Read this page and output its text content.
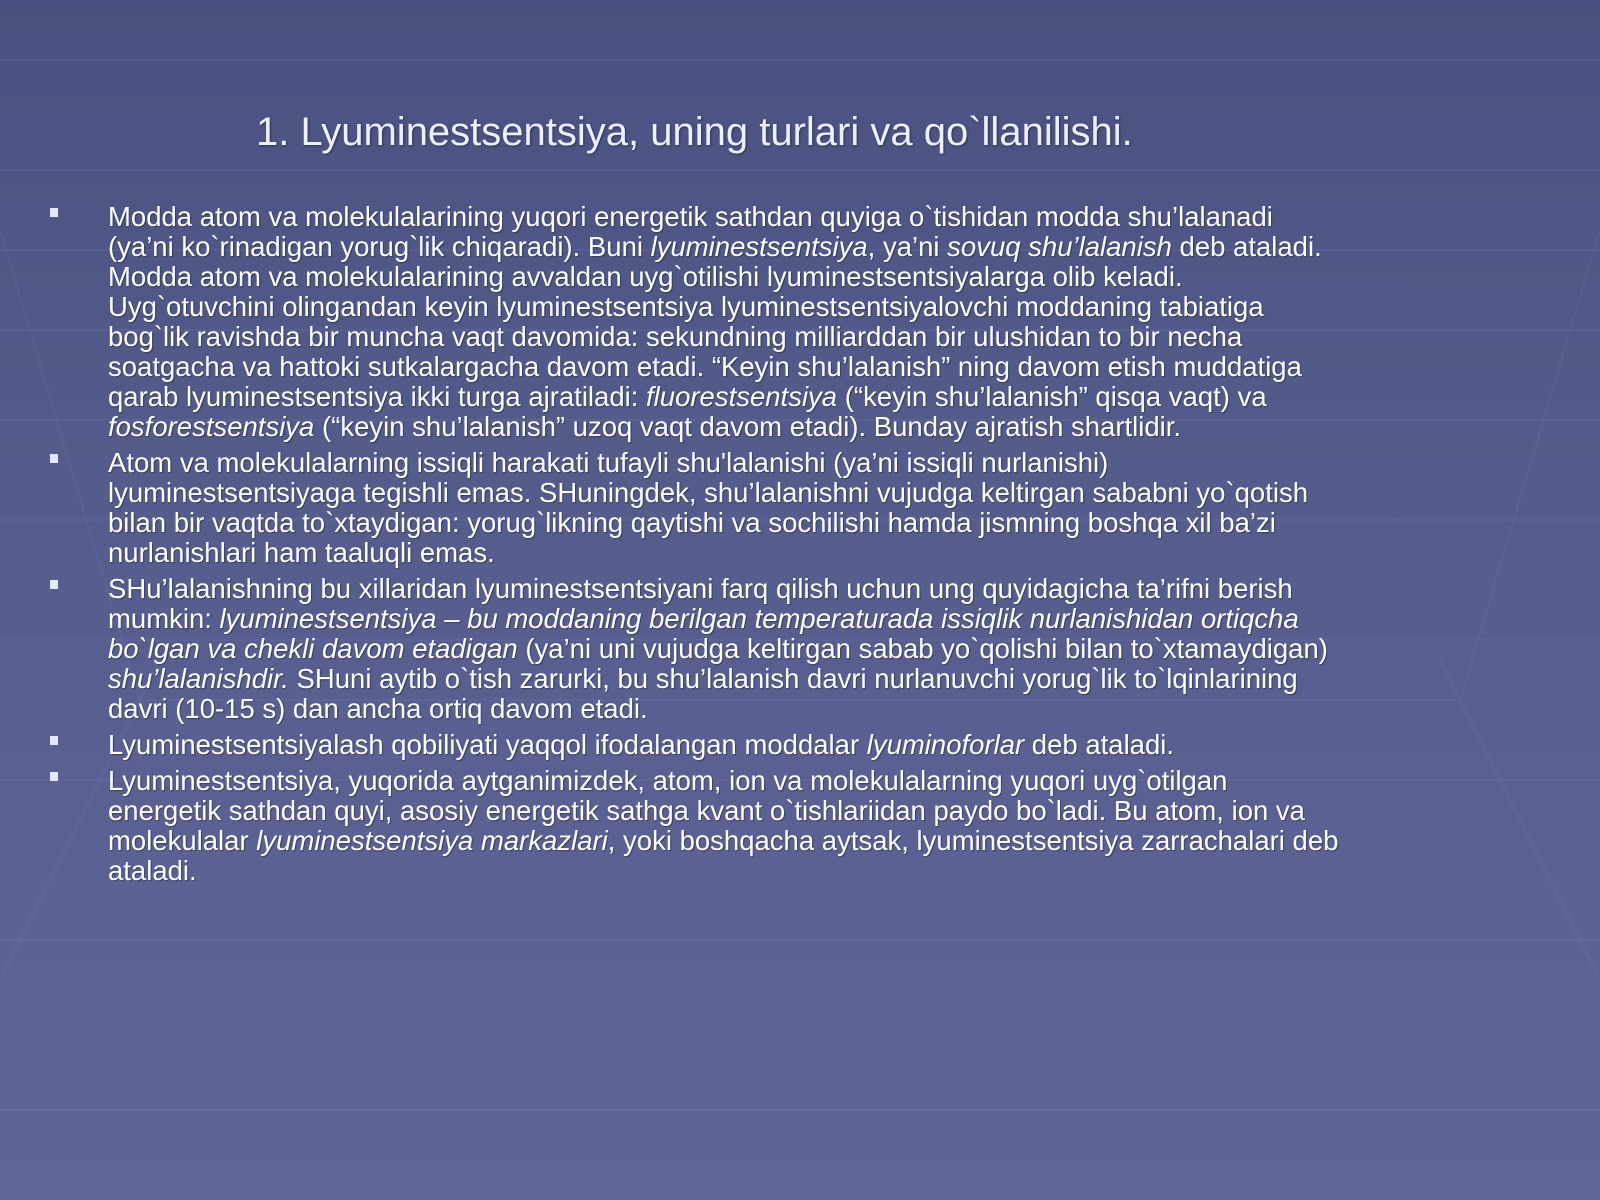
1. Lyuminestsentsiya, uning turlari va qo`llanilishi.
Modda atom va molekulalarining yuqori energetik sathdan quyiga o`tishidan modda shu’lalanadi
(ya’ni ko`rinadigan yorug`lik chiqaradi). Buni lyuminestsentsiya, ya’ni sovuq shu’lalanish deb ataladi.
Modda atom va molekulalarining avvaldan uyg`otilishi lyuminestsentsiyalarga olib keladi.
Uyg`otuvchini olingandan keyin lyuminestsentsiya lyuminestsentsiyalovchi moddaning tabiatiga
bog`lik ravishda bir muncha vaqt davomida: sekundning milliarddan bir ulushidan to bir necha
soatgacha va hattoki sutkalargacha davom etadi. “Keyin shu’lalanish” ning davom etish muddatiga
qarab lyuminestsentsiya ikki turga ajratiladi: fluorestsentsiya (“keyin shu’lalanish” qisqa vaqt) va
fosforestsentsiya (“keyin shu’lalanish” uzoq vaqt davom etadi). Bunday ajratish shartlidir.
Atom va molekulalarning issiqli harakati tufayli shu'lalanishi (ya’ni issiqli nurlanishi)
lyuminestsentsiyaga tegishli emas. SHuningdek, shu’lalanishni vujudga keltirgan sababni yo`qotish
bilan bir vaqtda to`xtaydigan: yorug`likning qaytishi va sochilishi hamda jismning boshqa xil ba’zi
nurlanishlari ham taaluqli emas.
SHu’lalanishning bu xillaridan lyuminestsentsiyani farq qilish uchun ung quyidagicha ta’rifni berish
mumkin: lyuminestsentsiya – bu moddaning berilgan temperaturada issiqlik nurlanishidan ortiqcha
bo`lgan va chekli davom etadigan (ya’ni uni vujudga keltirgan sabab yo`qolishi bilan to`xtamaydigan)
shu’lalanishdir. SHuni aytib o`tish zarurki, bu shu’lalanish davri nurlanuvchi yorug`lik to`lqinlarining
davri (10-15 s) dan ancha ortiq davom etadi.
Lyuminestsentsiyalash qobiliyati yaqqol ifodalangan moddalar lyuminoforlar deb ataladi.
Lyuminestsentsiya, yuqorida aytganimizdek, atom, ion va molekulalarning yuqori uyg`otilgan
energetik sathdan quyi, asosiy energetik sathga kvant o`tishlariidan paydo bo`ladi. Bu atom, ion va
molekulalar lyuminestsentsiya markazlari, yoki boshqacha aytsak, lyuminestsentsiya zarrachalari deb
ataladi.
